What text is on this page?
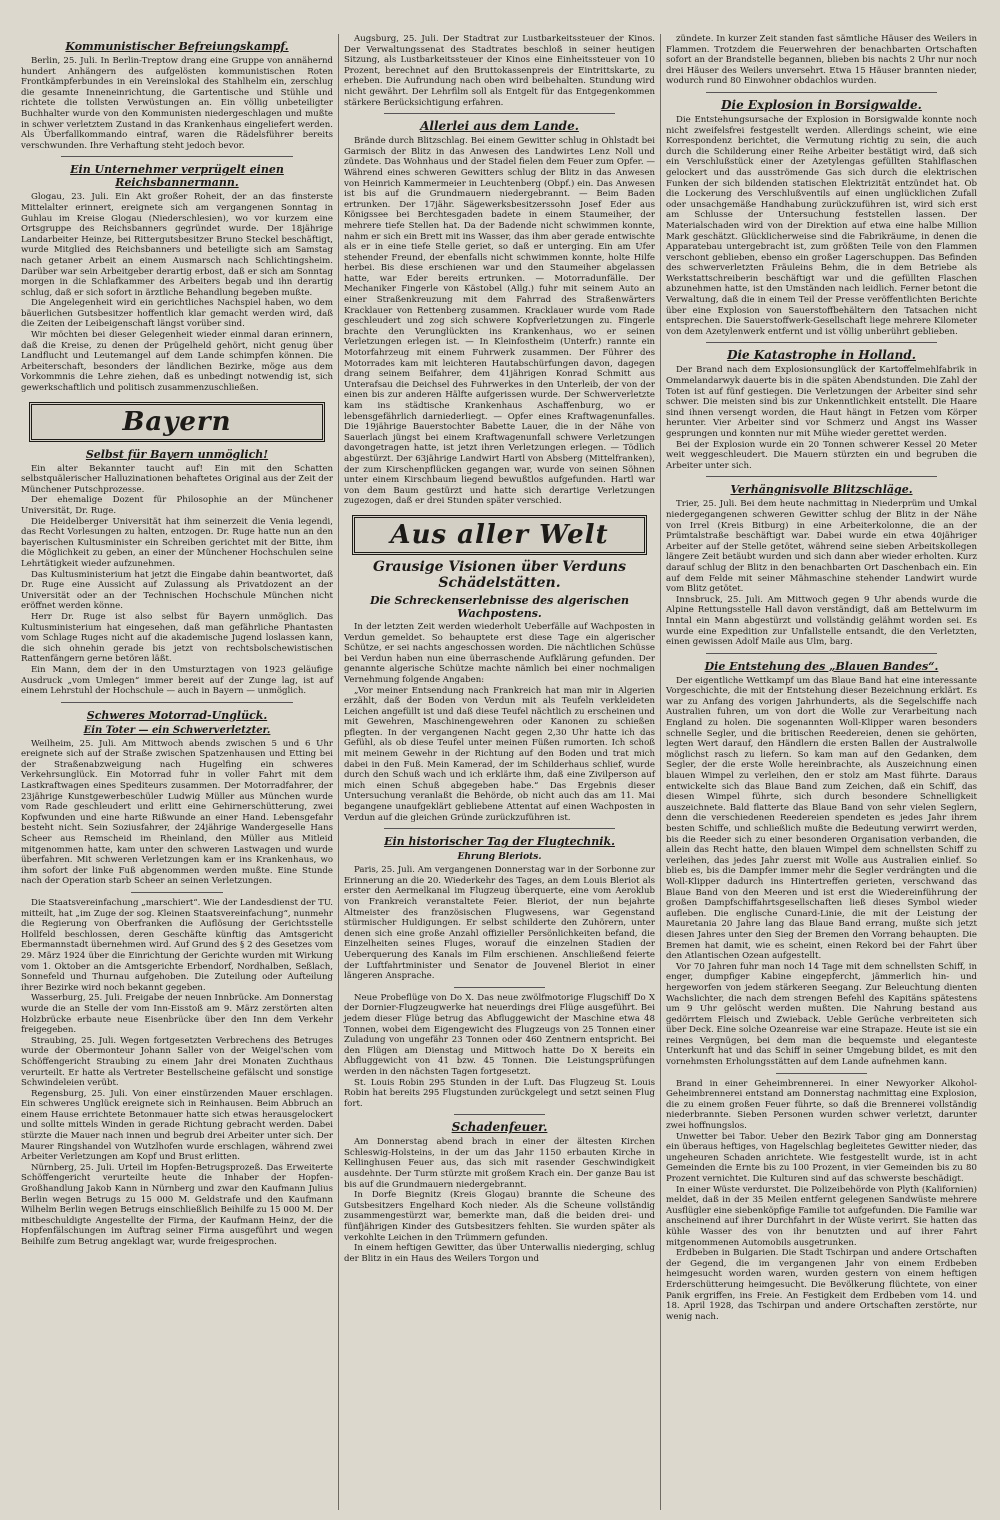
Kommunistischer Befreiungskampf.

Berlin, 25. Juli. In Berlin-Treptow drang eine Gruppe von annähernd hundert Anhängern des aufgelösten kommunistischen Roten Frontkämpferbundes in ein Vereinslokal des Stahlhelm ein, zerschlug die gesamte Inneneinrichtung, die Gartentische und Stühle und richtete die tollsten Verwüstungen an. Ein völlig unbeteiligter Buchhalter wurde von den Kommunisten niedergeschlagen und mußte in schwer verletztem Zustand in das Krankenhaus eingeliefert werden. Als Überfallkommando eintraf, waren die Rädelsführer bereits verschwunden. Ihre Verhaftung steht jedoch bevor.

Ein Unternehmer verprügelt einen Reichsbannermann.

Glogau, 23. Juli. Ein Akt großer Roheit, der an das finsterste Mittelalter erinnert, ereignete sich am vergangenen Sonntag in Guhlau im Kreise Glogau (Niederschlesien), wo vor kurzem eine Ortsgruppe des Reichsbanners gegründet wurde. Der 18jährige Landarbeiter Heinze, bei Rittergutsbesitzer Bruno Steckel beschäftigt, wurde Mitglied des Reichsbanners und beteiligte sich am Samstag nach getaner Arbeit an einem Ausmarsch nach Schlichtingsheim. Darüber war sein Arbeitgeber derartig erbost, daß er sich am Sonntag morgen in die Schlafkammer des Arbeiters begab und ihn derartig schlug, daß er sich sofort in ärztliche Behandlung begeben mußte.

Die Angelegenheit wird ein gerichtliches Nachspiel haben, wo dem bäuerlichen Gutsbesitzer hoffentlich klar gemacht werden wird, daß die Zeiten der Leibeigenschaft längst vorüber sind.

Wir möchten bei dieser Gelegenheit wieder einmal daran erinnern, daß die Kreise, zu denen der Prügelheld gehört, nicht genug über Landflucht und Leutemangel auf dem Lande schimpfen können. Die Arbeiterschaft, besonders der ländlichen Bezirke, möge aus dem Vorkommnis die Lehre ziehen, daß es unbedingt notwendig ist, sich gewerkschaftlich und politisch zusammenzuschließen.

Bayern
Selbst für Bayern unmöglich!

Ein alter Bekannter taucht auf! Ein mit den Schatten selbstquälerischer Halluzinationen behaftetes Original aus der Zeit der Münchener Putschprozesse.

Der ehemalige Dozent für Philosophie an der Münchener Universität, Dr. Ruge.

Die Heidelberger Universität hat ihm seinerzeit die Venia legendi, das Recht Vorlesungen zu halten, entzogen. Dr. Ruge hatte nun an den bayerischen Kultusminister ein Schreiben gerichtet mit der Bitte, ihm die Möglichkeit zu geben, an einer der Münchener Hochschulen seine Lehrtätigkeit wieder aufzunehmen.

Das Kultusministerium hat jetzt die Eingabe dahin beantwortet, daß Dr. Ruge eine Aussicht auf Zulassung als Privatdozent an der Universität oder an der Technischen Hochschule München nicht eröffnet werden könne.

Herr Dr. Ruge ist also selbst für Bayern unmöglich. Das Kultusministerium hat eingesehen, daß man gefährliche Phantasten vom Schlage Ruges nicht auf die akademische Jugend loslassen kann, die sich ohnehin gerade bis jetzt von rechtsbolschewistischen Rattenfängern gerne betören läßt.

Ein Mann, dem der in den Umsturztagen von 1923 geläufige Ausdruck „vom Umlegen“ immer bereit auf der Zunge lag, ist auf einem Lehrstuhl der Hochschule — auch in Bayern — unmöglich.

Schweres Motorrad-Unglück.
Ein Toter — ein Schwerverletzter.

Weilheim, 25. Juli. Am Mittwoch abends zwischen 5 und 6 Uhr ereignete sich auf der Straße zwischen Spatzenhausen und Etting bei der Straßenabzweigung nach Hugelfing ein schweres Verkehrsunglück. Ein Motorrad fuhr in voller Fahrt mit dem Lastkraftwagen eines Spediteurs zusammen. Der Motorradfahrer, der 23jährige Kunstgewerbeschüler Ludwig Müller aus München wurde vom Rade geschleudert und erlitt eine Gehirnerschütterung, zwei Kopfwunden und eine harte Rißwunde an einer Hand. Lebensgefahr besteht nicht. Sein Soziusfahrer, der 24jährige Wandergeselle Hans Scheer aus Remscheid im Rheinland, den Müller aus Mitleid mitgenommen hatte, kam unter den schweren Lastwagen und wurde überfahren. Mit schweren Verletzungen kam er ins Krankenhaus, wo ihm sofort der linke Fuß abgenommen werden mußte. Eine Stunde nach der Operation starb Scheer an seinen Verletzungen.

Die Staatsvereinfachung „marschiert“. Wie der Landesdienst der TU. mitteilt, hat „im Zuge der sog. Kleinen Staatsvereinfachung“, nunmehr die Regierung von Oberfranken die Auflösung der Gerichtsstelle Hollfeld beschlossen, deren Geschäfte künftig das Amtsgericht Ebermannstadt übernehmen wird. Auf Grund des § 2 des Gesetzes vom 29. März 1924 über die Einrichtung der Gerichte wurden mit Wirkung vom 1. Oktober an die Amtsgerichte Erbendorf, Nordhalben, Seßlach, Sonnefeld und Thurnau aufgehoben. Die Zuteilung oder Aufteilung ihrer Bezirke wird noch bekannt gegeben.

Wasserburg, 25. Juli. Freigabe der neuen Innbrücke. Am Donnerstag wurde die an Stelle der vom Inn-Eisstoß am 9. März zerstörten alten Holzbrücke erbaute neue Eisenbrücke über den Inn dem Verkehr freigegeben.

Straubing, 25. Juli. Wegen fortgesetzten Verbrechens des Betruges wurde der Obermonteur Johann Saller von der Weigel'schen vom Schöffengericht Straubing zu einem Jahr drei Monaten Zuchthaus verurteilt. Er hatte als Vertreter Bestellscheine gefälscht und sonstige Schwindeleien verübt.

Regensburg, 25. Juli. Von einer einstürzenden Mauer erschlagen. Ein schweres Unglück ereignete sich in Reinhausen. Beim Abbruch an einem Hause errichtete Betonmauer hatte sich etwas herausgelockert und sollte mittels Winden in gerade Richtung gebracht werden. Dabei stürzte die Mauer nach innen und begrub drei Arbeiter unter sich. Der Maurer Ringshandel von Wutzlhofen wurde erschlagen, während zwei Arbeiter Verletzungen am Kopf und Brust erlitten.

Nürnberg, 25. Juli. Urteil im Hopfen-Betrugsprozeß. Das Erweiterte Schöffengericht verurteilte heute die Inhaber der Hopfen-Großhandlung Jakob Kann in Nürnberg und zwar den Kaufmann Julius Berlin wegen Betrugs zu 15 000 M. Geldstrafe und den Kaufmann Wilhelm Berlin wegen Betrugs einschließlich Beihilfe zu 15 000 M. Der mitbeschuldigte Angestellte der Firma, der Kaufmann Heinz, der die Hopfenfälschungen im Auftrag seiner Firma ausgeführt und wegen Beihilfe zum Betrug angeklagt war, wurde freigesprochen.

Augsburg, 25. Juli. Der Stadtrat zur Lustbarkeitssteuer der Kinos. Der Verwaltungssenat des Stadtrates beschloß in seiner heutigen Sitzung, als Lustbarkeitssteuer der Kinos eine Einheitssteuer von 10 Prozent, berechnet auf den Bruttokassenpreis der Eintrittskarte, zu erheben. Die Aufrundung nach oben wird beibehalten. Stundung wird nicht gewährt. Der Lehrfilm soll als Entgelt für das Entgegenkommen stärkere Berücksichtigung erfahren.

Allerlei aus dem Lande.

Brände durch Blitzschlag. Bei einem Gewitter schlug in Ohlstadt bei Garmisch der Blitz in das Anwesen des Landwirtes Lenz Noll und zündete. Das Wohnhaus und der Stadel fielen dem Feuer zum Opfer. — Während eines schweren Gewitters schlug der Blitz in das Anwesen von Heinrich Kammermeier in Leuchtenberg (Obpf.) ein. Das Anwesen ist bis auf die Grundmauern niedergebrannt. — Beim Baden ertrunken. Der 17jähr. Sägewerksbesitzerssohn Josef Eder aus Königssee bei Berchtesgaden badete in einem Staumeiher, der mehrere tiefe Stellen hat. Da der Badende nicht schwimmen konnte, nahm er sich ein Brett mit ins Wasser, das ihm aber gerade entwischte als er in eine tiefe Stelle geriet, so daß er unterging. Ein am Ufer stehender Freund, der ebenfalls nicht schwimmen konnte, holte Hilfe herbei. Bis diese erschienen war und den Staumeiher abgelassen hatte, war Eder bereits ertrunken. — Motorradunfälle. Der Mechaniker Fingerle von Kästobel (Allg.) fuhr mit seinem Auto an einer Straßenkreuzung mit dem Fahrrad des Straßenwärters Kracklauer von Rettenberg zusammen. Kracklauer wurde vom Rade geschleudert und zog sich schwere Kopfverletzungen zu. Fingerle brachte den Verunglückten ins Krankenhaus, wo er seinen Verletzungen erlegen ist. — In Kleinfostheim (Unterfr.) rannte ein Motorfahrzeug mit einem Fuhrwerk zusammen. Der Führer des Motorrades kam mit leichteren Hautabschürfungen davon, dagegen drang seinem Beifahrer, dem 41jährigen Konrad Schmitt aus Unterafsau die Deichsel des Fuhrwerkes in den Unterleib, der von der einen bis zur anderen Hälfte aufgerissen wurde. Der Schwerverletzte kam ins städtische Krankenhaus Aschaffenburg, wo er lebensgefährlich darniederliegt. — Opfer eines Kraftwagenunfalles. Die 19jährige Bauerstochter Babette Lauer, die in der Nähe von Sauerlach jüngst bei einem Kraftwagenunfall schwere Verletzungen davongetragen hatte, ist jetzt ihren Verletzungen erlegen. — Tödlich abgestürzt. Der 63jährige Landwirt Hartl von Absberg (Mittelfranken), der zum Kirschenpflücken gegangen war, wurde von seinen Söhnen unter einem Kirschbaum liegend bewußtlos aufgefunden. Hartl war von dem Baum gestürzt und hatte sich derartige Verletzungen zugezogen, daß er drei Stunden später verschied.

Aus aller Welt
Grausige Visionen über Verduns Schädelstätten.
Die Schreckenserlebnisse des algerischen Wachpostens.

In der letzten Zeit werden wiederholt Ueberfälle auf Wachposten in Verdun gemeldet. So behauptete erst diese Tage ein algerischer Schütze, er sei nachts angeschossen worden. Die nächtlichen Schüsse bei Verdun haben nun eine überraschende Aufklärung gefunden. Der genannte algerische Schütze machte nämlich bei einer nochmaligen Vernehmung folgende Angaben:

„Vor meiner Entsendung nach Frankreich hat man mir in Algerien erzählt, daß der Boden von Verdun mit als Teufeln verkleideten Leichen angefüllt ist und daß diese Teufel nächtlich zu erscheinen und mit Gewehren, Maschinengewehren oder Kanonen zu schießen pflegten. In der vergangenen Nacht gegen 2,30 Uhr hatte ich das Gefühl, als ob diese Teufel unter meinen Füßen rumorten. Ich schoß mit meinem Gewehr in der Richtung auf den Boden und trat mich dabei in den Fuß. Mein Kamerad, der im Schilderhaus schlief, wurde durch den Schuß wach und ich erklärte ihm, daß eine Zivilperson auf mich einen Schuß abgegeben habe.“ Das Ergebnis dieser Untersuchung veranlaßt die Behörde, ob nicht auch das am 11. Mai begangene unaufgeklärt gebliebene Attentat auf einen Wachposten in Verdun auf die gleichen Gründe zurückzuführen ist.

Ein historischer Tag der Flugtechnik.
Ehrung Bleriots.

Paris, 25. Juli. Am vergangenen Donnerstag war in der Sorbonne zur Erinnerung an die 20. Wiederkehr des Tages, an dem Louis Bleriot als erster den Aermelkanal im Flugzeug überquerte, eine vom Aeroklub von Frankreich veranstaltete Feier. Bleriot, der nun bejahrte Altmeister des französischen Flugwesens, war Gegenstand stürmischer Huldigungen. Er selbst schilderte den Zuhörern, unter denen sich eine große Anzahl offizieller Persönlichkeiten befand, die Einzelheiten seines Fluges, worauf die einzelnen Stadien der Ueberquerung des Kanals im Film erschienen. Anschließend feierte der Luftfahrtminister und Senator de Jouvenel Bleriot in einer längeren Ansprache.

Neue Probeflüge von Do X. Das neue zwölfmotorige Flugschiff Do X der Dornier-Flugzeugwerke hat neuerdings drei Flüge ausgeführt. Bei jedem dieser Flüge betrug das Abfluggewicht der Maschine etwa 48 Tonnen, wobei dem Eigengewicht des Flugzeugs von 25 Tonnen einer Zuladung von ungefähr 23 Tonnen oder 460 Zentnern entspricht. Bei den Flügen am Dienstag und Mittwoch hatte Do X bereits ein Abfluggewicht von 41 bzw. 45 Tonnen. Die Leistungsprüfungen werden in den nächsten Tagen fortgesetzt.

St. Louis Robin 295 Stunden in der Luft. Das Flugzeug St. Louis Robin hat bereits 295 Flugstunden zurückgelegt und setzt seinen Flug fort.

Schadenfeuer.

Am Donnerstag abend brach in einer der ältesten Kirchen Schleswig-Holsteins, in der um das Jahr 1150 erbauten Kirche in Kellinghusen Feuer aus, das sich mit rasender Geschwindigkeit ausdehnte. Der Turm stürzte mit großem Krach ein. Der ganze Bau ist bis auf die Grundmauern niedergebrannt.

In Dorfe Biegnitz (Kreis Glogau) brannte die Scheune des Gutsbesitzers Engelhard Koch nieder. Als die Scheune vollständig zusammengestürzt war, bemerkte man, daß die beiden drei- und fünfjährigen Kinder des Gutsbesitzers fehlten. Sie wurden später als verkohlte Leichen in den Trümmern gefunden.

In einem heftigen Gewitter, das über Unterwallis niederging, schlug der Blitz in ein Haus des Weilers Torgon und

zündete. In kurzer Zeit standen fast sämtliche Häuser des Weilers in Flammen. Trotzdem die Feuerwehren der benachbarten Ortschaften sofort an der Brandstelle begannen, blieben bis nachts 2 Uhr nur noch drei Häuser des Weilers unversehrt. Etwa 15 Häuser brannten nieder, wodurch rund 80 Einwohner obdachlos wurden.

Die Explosion in Borsigwalde.

Die Entstehungsursache der Explosion in Borsigwalde konnte noch nicht zweifelsfrei festgestellt werden. Allerdings scheint, wie eine Korrespondenz berichtet, die Vermutung richtig zu sein, die auch durch die Schilderung einer Reihe Arbeiter bestätigt wird, daß sich ein Verschlußstück einer der Azetylengas gefüllten Stahlflaschen gelockert und das ausströmende Gas sich durch die elektrischen Funken der sich bildenden statischen Elektrizität entzündet hat. Ob die Lockerung des Verschlußventils auf einen unglücklichen Zufall oder unsachgemäße Handhabung zurückzuführen ist, wird sich erst am Schlusse der Untersuchung feststellen lassen. Der Materialschaden wird von der Direktion auf etwa eine halbe Million Mark geschätzt. Glücklicherweise sind die Fabrikräume, in denen die Apparatebau untergebracht ist, zum größten Teile von den Flammen verschont geblieben, ebenso ein großer Lagerschuppen. Das Befinden des schwerverletzten Fräuleins Behm, die in dem Betriebe als Werkstattschreiberin beschäftigt war und die gefüllten Flaschen abzunehmen hatte, ist den Umständen nach leidlich. Ferner betont die Verwaltung, daß die in einem Teil der Presse veröffentlichten Berichte über eine Explosion von Sauerstoffbehältern den Tatsachen nicht entsprechen. Die Sauerstoffwerk-Gesellschaft liege mehrere Kilometer von dem Azetylenwerk entfernt und ist völlig unberührt geblieben.

Die Katastrophe in Holland.

Der Brand nach dem Explosionsunglück der Kartoffelmehlfabrik in Ommelandarwyk dauerte bis in die späten Abendstunden. Die Zahl der Toten ist auf fünf gestiegen. Die Verletzungen der Arbeiter sind sehr schwer. Die meisten sind bis zur Unkenntlichkeit entstellt. Die Haare sind ihnen versengt worden, die Haut hängt in Fetzen vom Körper herunter. Vier Arbeiter sind vor Schmerz und Angst ins Wasser gesprungen und konnten nur mit Mühe wieder gerettet werden.

Bei der Explosion wurde ein 20 Tonnen schwerer Kessel 20 Meter weit weggeschleudert. Die Mauern stürzten ein und begruben die Arbeiter unter sich.

Verhängnisvolle Blitzschläge.

Trier, 25. Juli. Bei dem heute nachmittag in Niederprüm und Umkal niedergegangenen schweren Gewitter schlug der Blitz in der Nähe von Irrel (Kreis Bitburg) in eine Arbeiterkolonne, die an der Prümtalstraße beschäftigt war. Dabei wurde ein etwa 40jähriger Arbeiter auf der Stelle getötet, während seine sieben Arbeitskollegen längere Zeit betäubt wurden und sich dann aber wieder erholten. Kurz darauf schlug der Blitz in den benachbarten Ort Daschenbach ein. Ein auf dem Felde mit seiner Mähmaschine stehender Landwirt wurde vom Blitz getötet.

Innsbruck, 25. Juli. Am Mittwoch gegen 9 Uhr abends wurde die Alpine Rettungsstelle Hall davon verständigt, daß am Bettelwurm im Inntal ein Mann abgestürzt und vollständig gelähmt worden sei. Es wurde eine Expedition zur Unfallstelle entsandt, die den Verletzten, einen gewissen Adolf Maile aus Ulm, barg.

Die Entstehung des „Blauen Bandes“.

Der eigentliche Wettkampf um das Blaue Band hat eine interessante Vorgeschichte, die mit der Entstehung dieser Bezeichnung erklärt. Es war zu Anfang des vorigen Jahrhunderts, als die Segelschiffe nach Australien fuhren, um von dort die Wolle zur Verarbeitung nach England zu holen. Die sogenannten Woll-Klipper waren besonders schnelle Segler, und die britischen Reedereien, denen sie gehörten, legten Wert darauf, den Händlern die ersten Ballen der Australwolle möglichst rasch zu liefern. So kam man auf den Gedanken, dem Segler, der die erste Wolle hereinbrachte, als Auszeichnung einen blauen Wimpel zu verleihen, den er stolz am Mast führte. Daraus entwickelte sich das Blaue Band zum Zeichen, daß ein Schiff, das diesen Wimpel führte, sich durch besondere Schnelligkeit auszeichnete. Bald flatterte das Blaue Band von sehr vielen Seglern, denn die verschiedenen Reedereien spendeten es jedes Jahr ihrem besten Schiffe, und schließlich mußte die Bedeutung verwirrt werden, bis die Reeder sich zu einer besonderen Organisation verbanden, die allein das Recht hatte, den blauen Wimpel dem schnellsten Schiff zu verleihen, das jedes Jahr zuerst mit Wolle aus Australien einlief. So blieb es, bis die Dampfer immer mehr die Segler verdrängten und die Woll-Klipper dadurch ins Hintertreffen gerieten, verschwand das Blaue Band von den Meeren und ist erst die Wiedereinführung der großen Dampfschiffahrtsgesellschaften ließ dieses Symbol wieder aufleben. Die englische Cunard-Linie, die mit der Leistung der Mauretania 20 Jahre lang das Blaue Band errang, mußte sich jetzt diesen Jahres unter den Sieg der Bremen den Vorrang behaupten. Die Bremen hat damit, wie es scheint, einen Rekord bei der Fahrt über den Atlantischen Ozean aufgestellt.

Vor 70 Jahren fuhr man noch 14 Tage mit dem schnellsten Schiff, in enger, dumpfiger Kabine eingepfercht, jämmerlich hin- und hergeworfen von jedem stärkeren Seegang. Zur Beleuchtung dienten Wachslichter, die nach dem strengen Befehl des Kapitäns spätestens um 9 Uhr gelöscht werden mußten. Die Nahrung bestand aus gedörrtem Fleisch und Zwieback. Ueble Gerüche verbreiteten sich über Deck. Eine solche Ozeanreise war eine Strapaze. Heute ist sie ein reines Vergnügen, bei dem man die bequemste und eleganteste Unterkunft hat und das Schiff in seiner Umgebung bildet, es mit den vornehmsten Erholungsstätten auf dem Lande aufnehmen kann.

Brand in einer Geheimbrennerei. In einer Newyorker Alkohol-Geheimbrennerei entstand am Donnerstag nachmittag eine Explosion, die zu einem großen Feuer führte, so daß die Brennerei vollständig niederbrannte. Sieben Personen wurden schwer verletzt, darunter zwei hoffnungslos.

Unwetter bei Tabor. Ueber den Bezirk Tabor ging am Donnerstag ein überaus heftiges, von Hagelschlag begleitetes Gewitter nieder, das ungeheuren Schaden anrichtete. Wie festgestellt wurde, ist in acht Gemeinden die Ernte bis zu 100 Prozent, in vier Gemeinden bis zu 80 Prozent vernichtet. Die Kulturen sind auf das schwerste beschädigt.

In einer Wüste verdurstet. Die Polizeibehörde von Plyth (Kalifornien) meldet, daß in der 35 Meilen entfernt gelegenen Sandwüste mehrere Ausflügler eine siebenköpfige Familie tot aufgefunden. Die Familie war anscheinend auf ihrer Durchfahrt in der Wüste verirrt. Sie hatten das kühle Wasser des von ihr benutzten und auf ihrer Fahrt mitgenommenen Automobils ausgetrunken.

Erdbeben in Bulgarien. Die Stadt Tschirpan und andere Ortschaften der Gegend, die im vergangenen Jahr von einem Erdbeben heimgesucht worden waren, wurden gestern von einem heftigen Erderschütterung heimgesucht. Die Bevölkerung flüchtete, von einer Panik ergriffen, ins Freie. An Festigkeit dem Erdbeben vom 14. und 18. April 1928, das Tschirpan und andere Ortschaften zerstörte, nur wenig nach.
